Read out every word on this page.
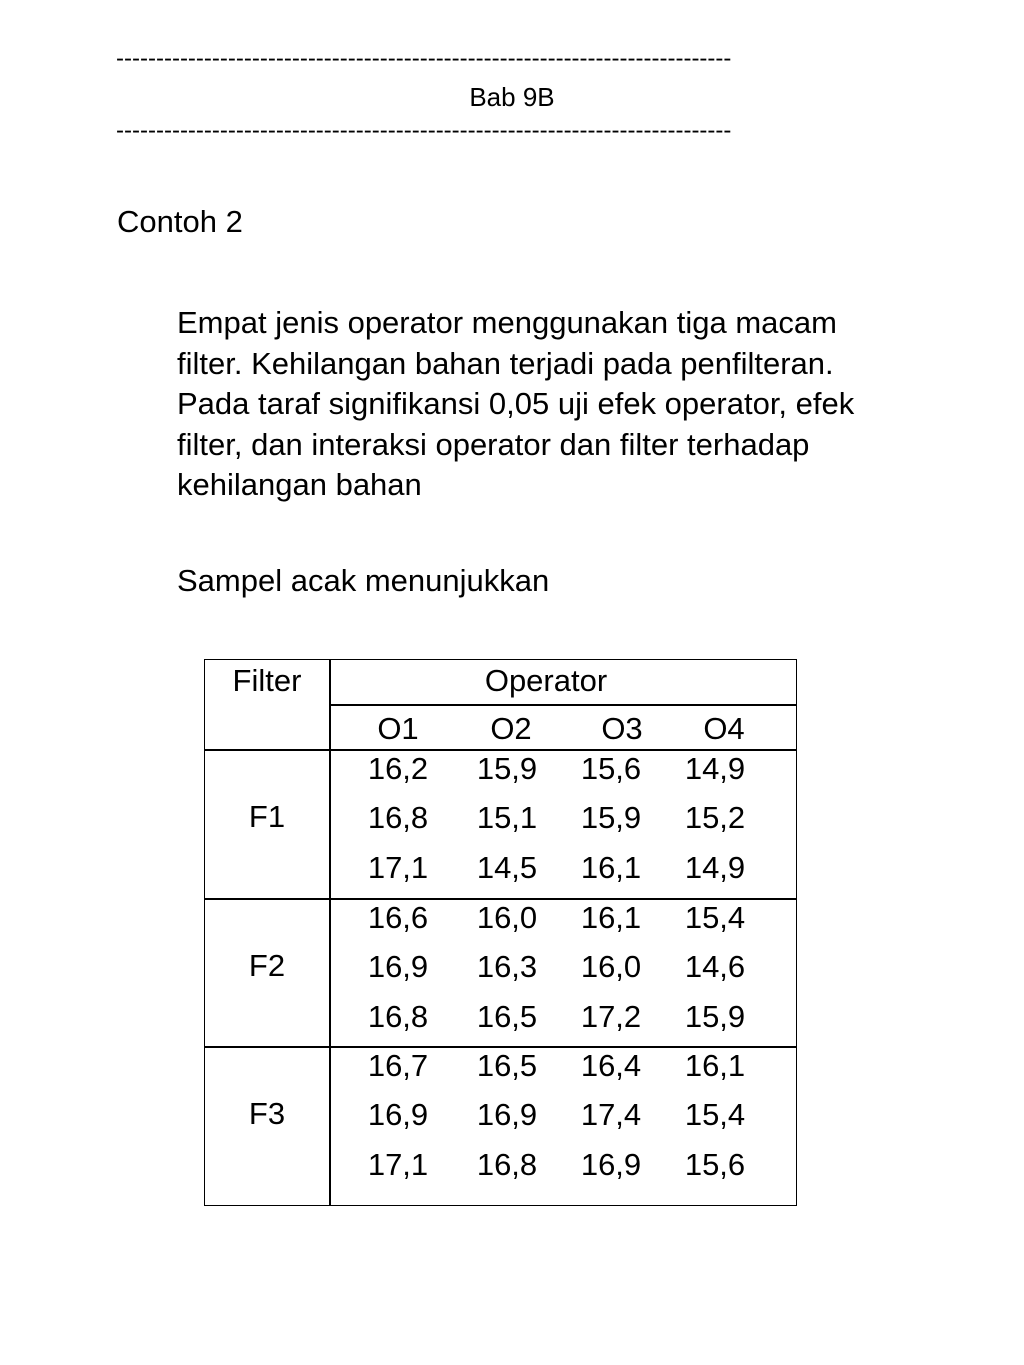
-----------------------------------------------------------------------------
Bab 9B
-----------------------------------------------------------------------------
Contoh 2
Empat jenis operator menggunakan tiga macam
filter. Kehilangan bahan terjadi pada penfilteran.
Pada taraf signifikansi 0,05 uji efek operator, efek
filter, dan interaksi operator dan filter terhadap
kehilangan bahan
Sampel acak menunjukkan
Filter	Operator
O1	O2	O3	O4
F1
16,2	15,9	15,6	14,9
16,8	15,1	15,9	15,2
17,1	14,5	16,1	14,9
F2
16,6	16,0	16,1	15,4
16,9	16,3	16,0	14,6
16,8	16,5	17,2	15,9
F3
16,7	16,5	16,4	16,1
16,9	16,9	17,4	15,4
17,1	16,8	16,9	15,6
